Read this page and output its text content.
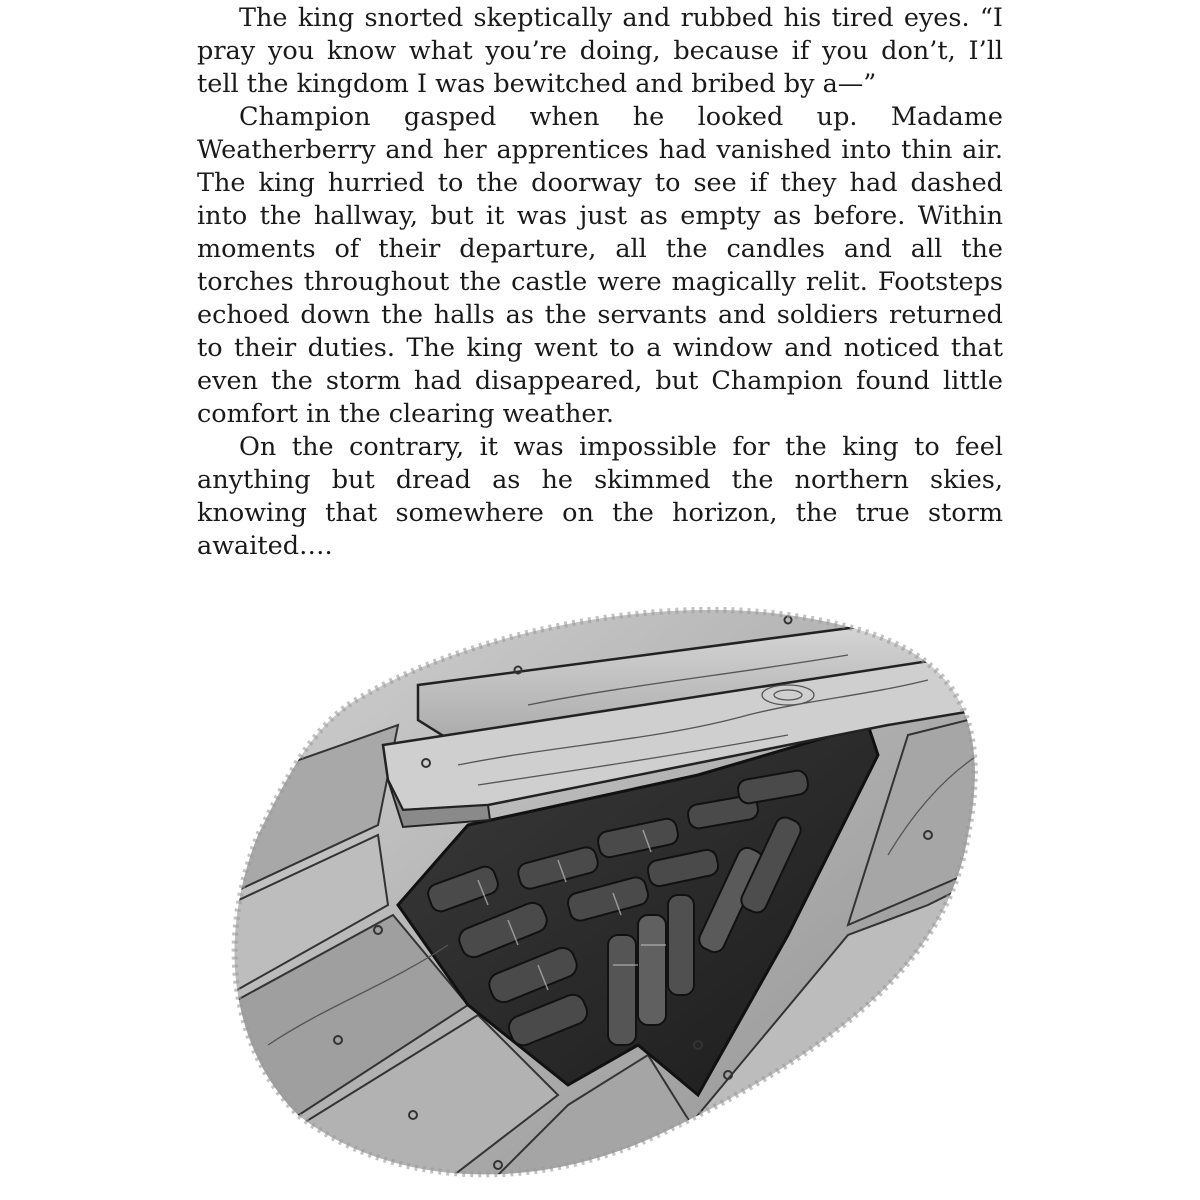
The king snorted skeptically and rubbed his tired eyes. “I pray you know what you’re doing, because if you don’t, I’ll tell the kingdom I was bewitched and bribed by a—”

Champion gasped when he looked up. Madame Weatherberry and her apprentices had vanished into thin air. The king hurried to the doorway to see if they had dashed into the hallway, but it was just as empty as before. Within moments of their departure, all the candles and all the torches throughout the castle were magically relit. Footsteps echoed down the halls as the servants and soldiers returned to their duties. The king went to a window and noticed that even the storm had disappeared, but Champion found little comfort in the clearing weather.

On the contrary, it was impossible for the king to feel anything but dread as he skimmed the northern skies, knowing that somewhere on the horizon, the true storm awaited….
